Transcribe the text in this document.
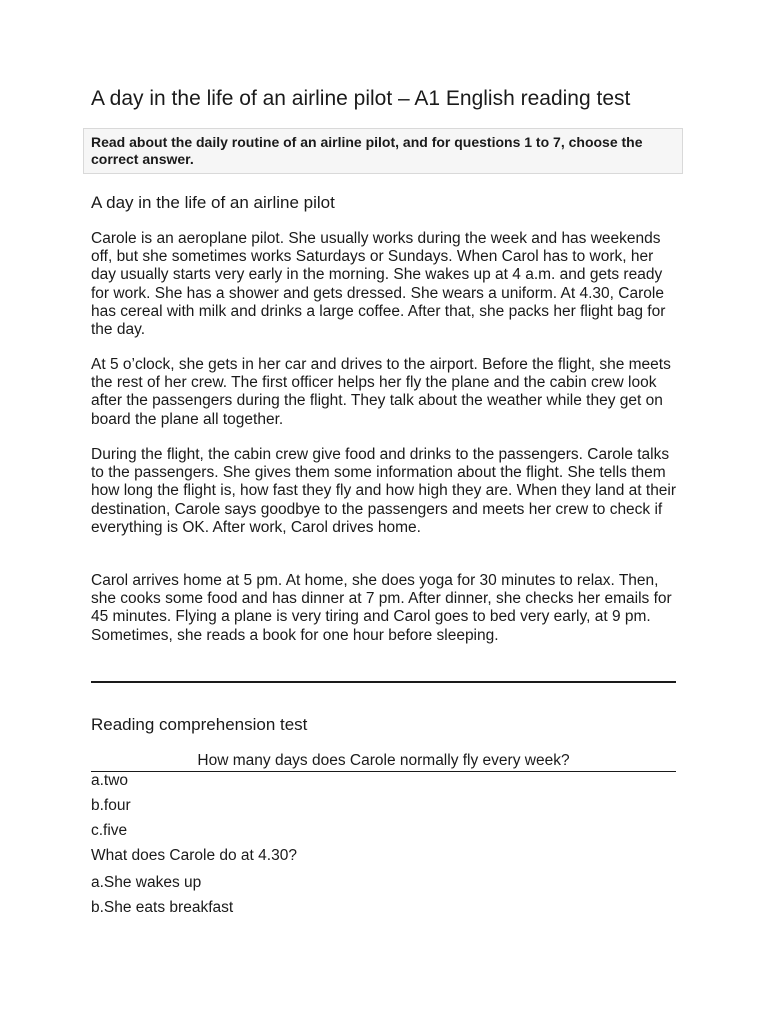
A day in the life of an airline pilot – A1 English reading test
Read about the daily routine of an airline pilot, and for questions 1 to 7, choose the correct answer.
A day in the life of an airline pilot

Carole is an aeroplane pilot. She usually works during the week and has weekends off, but she sometimes works Saturdays or Sundays. When Carol has to work, her day usually starts very early in the morning. She wakes up at 4 a.m. and gets ready for work. She has a shower and gets dressed. She wears a uniform. At 4.30, Carole has cereal with milk and drinks a large coffee. After that, she packs her flight bag for the day.

At 5 o’clock, she gets in her car and drives to the airport. Before the flight, she meets the rest of her crew. The first officer helps her fly the plane and the cabin crew look after the passengers during the flight. They talk about the weather while they get on board the plane all together.

During the flight, the cabin crew give food and drinks to the passengers. Carole talks to the passengers. She gives them some information about the flight. She tells them how long the flight is, how fast they fly and how high they are. When they land at their destination, Carole says goodbye to the passengers and meets her crew to check if everything is OK. After work, Carol drives home.

Carol arrives home at 5 pm. At home, she does yoga for 30 minutes to relax. Then, she cooks some food and has dinner at 7 pm. After dinner, she checks her emails for 45 minutes. Flying a plane is very tiring and Carol goes to bed very early, at 9 pm. Sometimes, she reads a book for one hour before sleeping.

Reading comprehension test

How many days does Carole normally fly every week?

a.two

b.four

c.five

What does Carole do at 4.30?

a.She wakes up

b.She eats breakfast
